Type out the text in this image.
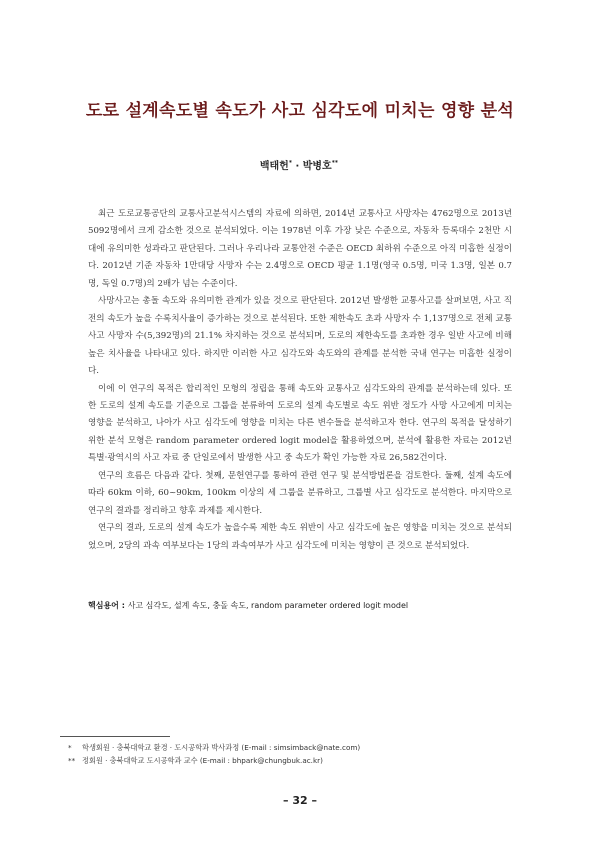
도로 설계속도별 속도가 사고 심각도에 미치는 영향 분석
백태헌* · 박병호**

최근 도로교통공단의 교통사고분석시스템의 자료에 의하면, 2014년 교통사고 사망자는 4762명으로 2013년 5092명에서 크게 감소한 것으로 분석되었다. 이는 1978년 이후 가장 낮은 수준으로, 자동차 등록대수 2천만 시대에 유의미한 성과라고 판단된다. 그러나 우리나라 교통안전 수준은 OECD 최하위 수준으로 아직 미흡한 실정이다. 2012년 기준 자동차 1만대당 사망자 수는 2.4명으로 OECD 평균 1.1명(영국 0.5명, 미국 1.3명, 일본 0.7명, 독일 0.7명)의 2배가 넘는 수준이다.

사망사고는 총돌 속도와 유의미한 관계가 있을 것으로 판단된다. 2012년 발생한 교통사고를 살펴보면, 사고 직전의 속도가 높을 수록치사율이 증가하는 것으로 분석된다. 또한 제한속도 초과 사망자 수 1,137명으로 전체 교통사고 사망자 수(5,392명)의 21.1% 차지하는 것으로 분석되며, 도로의 제한속도를 초과한 경우 일반 사고에 비해 높은 치사율을 나타내고 있다. 하지만 이러한 사고 심각도와 속도와의 관계를 분석한 국내 연구는 미흡한 실정이다.

이에 이 연구의 목적은 합리적인 모형의 정립을 통해 속도와 교통사고 심각도와의 관계를 분석하는데 있다. 또한 도로의 설계 속도를 기준으로 그룹을 분류하여 도로의 설계 속도별로 속도 위반 정도가 사망 사고에게 미치는 영향을 분석하고, 나아가 사고 심각도에 영향을 미치는 다른 변수들을 분석하고자 한다. 연구의 목적을 달성하기 위한 분석 모형은 random parameter ordered logit model을 활용하였으며, 분석에 활용한 자료는 2012년 특별·광역시의 사고 자료 중 단일로에서 발생한 사고 중 속도가 확인 가능한 자료 26,582건이다.

연구의 흐름은 다음과 같다. 첫째, 문헌연구를 통하여 관련 연구 및 분석방법론을 검토한다. 둘째, 설계 속도에 따라 60km 이하, 60~90km, 100km 이상의 세 그룹을 분류하고, 그룹별 사고 심각도로 분석한다. 마지막으로 연구의 결과를 정리하고 향후 과제를 제시한다.

연구의 결과, 도로의 설계 속도가 높을수록 제한 속도 위반이 사고 심각도에 높은 영향을 미치는 것으로 분석되었으며, 2당의 과속 여부보다는 1당의 과속여부가 사고 심각도에 미치는 영향이 큰 것으로 분석되었다.

핵심용어 : 사고 심각도, 설계 속도, 충돌 속도, random parameter ordered logit model
* 학생회원 · 충북대학교 환경 · 도시공학과 박사과정 (E-mail : simsimback@nate.com)
** 정회원 · 충북대학교 도시공학과 교수 (E-mail : bhpark@chungbuk.ac.kr)
– 32 –
